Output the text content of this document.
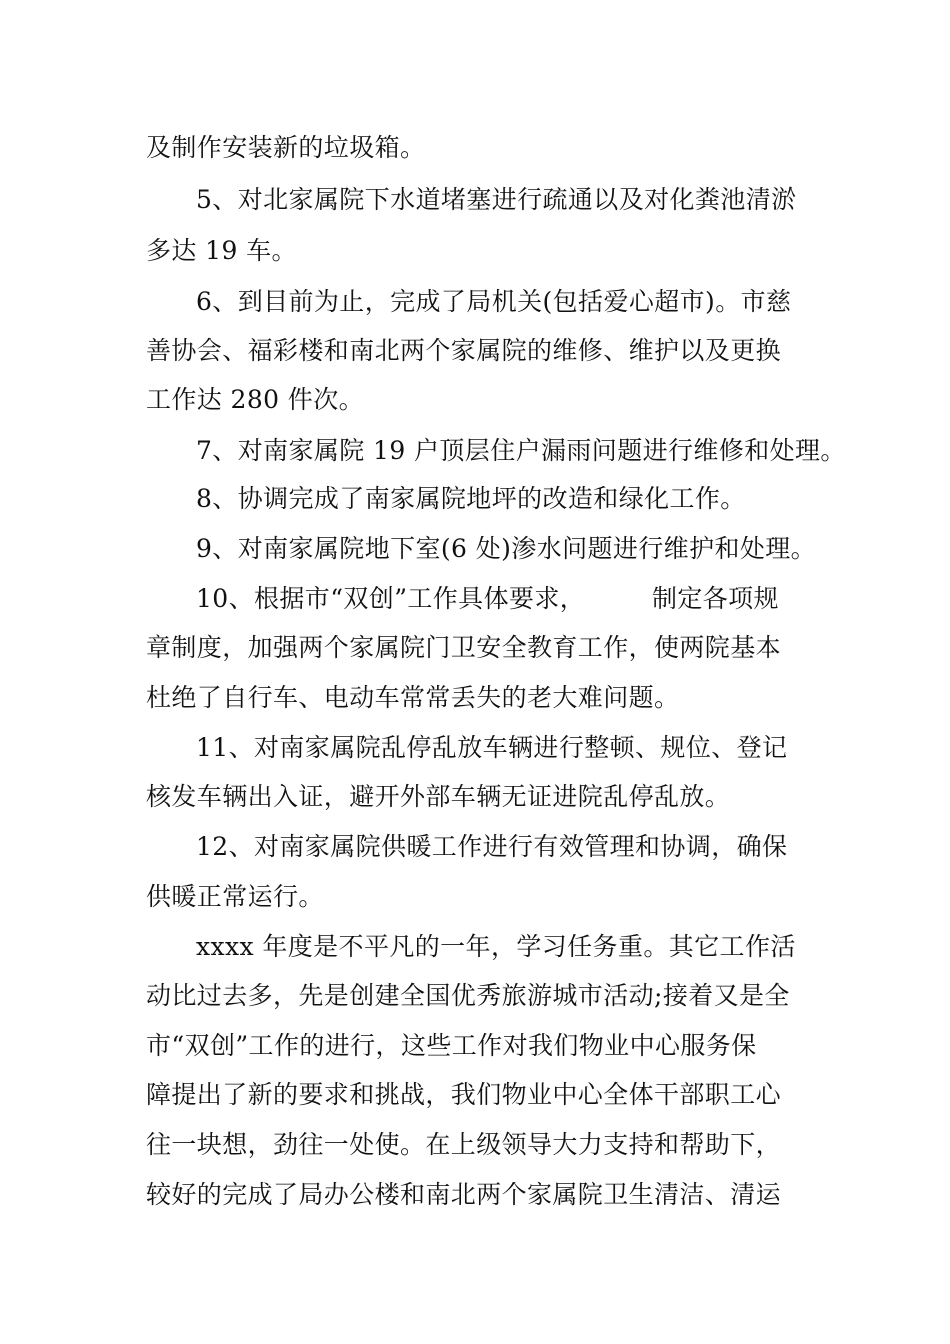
及制作安装新的垃圾箱。
5、对北家属院下水道堵塞进行疏通以及对化粪池清淤
多达 19 车。
6、到目前为止，完成了局机关(包括爱心超市)。市慈
善协会、福彩楼和南北两个家属院的维修、维护以及更换
工作达 280 件次。
7、对南家属院 19 户顶层住户漏雨问题进行维修和处理。
8、协调完成了南家属院地坪的改造和绿化工作。
9、对南家属院地下室(6 处)渗水问题进行维护和处理。
10、根据市“双创”工作具体要求，        制定各项规
章制度，加强两个家属院门卫安全教育工作，使两院基本
杜绝了自行车、电动车常常丢失的老大难问题。
11、对南家属院乱停乱放车辆进行整顿、规位、登记
核发车辆出入证，避开外部车辆无证进院乱停乱放。
12、对南家属院供暖工作进行有效管理和协调，确保
供暖正常运行。
xxxx 年度是不平凡的一年，学习任务重。其它工作活
动比过去多，先是创建全国优秀旅游城市活动;接着又是全
市“双创”工作的进行，这些工作对我们物业中心服务保
障提出了新的要求和挑战，我们物业中心全体干部职工心
往一块想，劲往一处使。在上级领导大力支持和帮助下，
较好的完成了局办公楼和南北两个家属院卫生清洁、清运
